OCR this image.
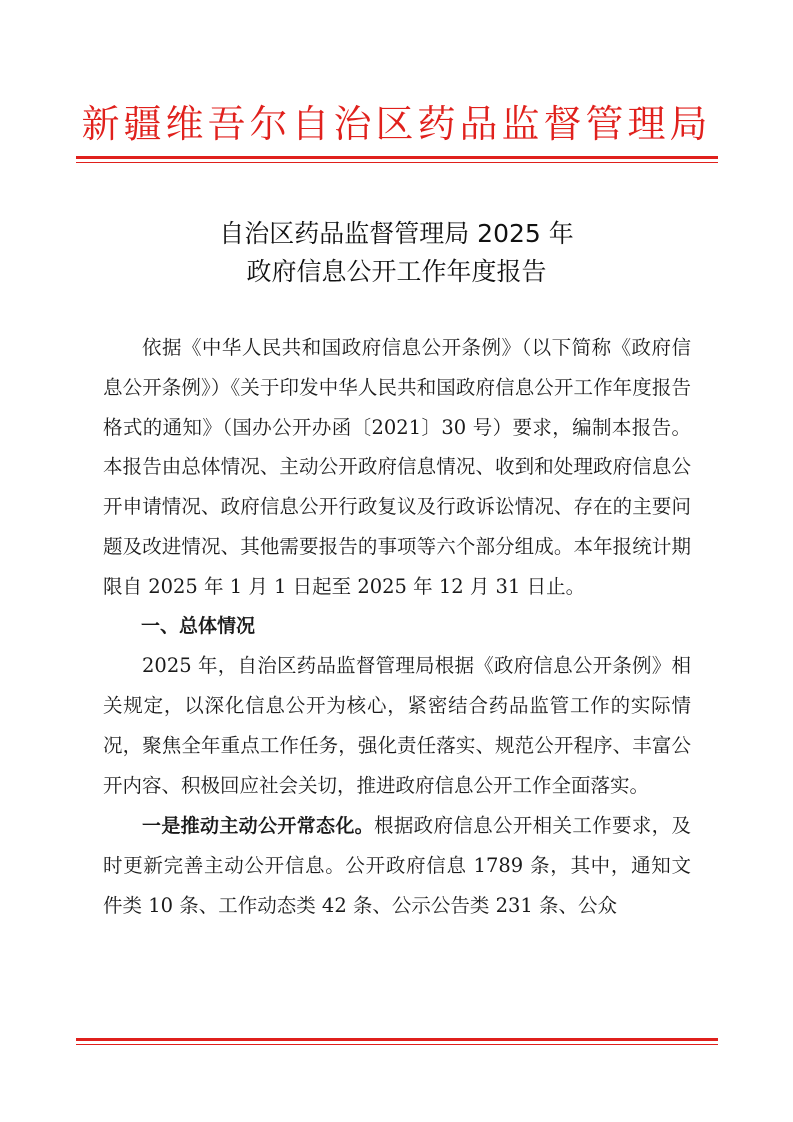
新疆维吾尔自治区药品监督管理局
自治区药品监督管理局 2025 年
政府信息公开工作年度报告

依据《中华人民共和国政府信息公开条例》（以下简称《政府信息公开条例》）《关于印发中华人民共和国政府信息公开工作年度报告格式的通知》（国办公开办函〔2021〕30 号）要求，编制本报告。本报告由总体情况、主动公开政府信息情况、收到和处理政府信息公开申请情况、政府信息公开行政复议及行政诉讼情况、存在的主要问题及改进情况、其他需要报告的事项等六个部分组成。本年报统计期限自 2025 年 1 月 1 日起至 2025 年 12 月 31 日止。

一、总体情况

2025 年，自治区药品监督管理局根据《政府信息公开条例》相关规定，以深化信息公开为核心，紧密结合药品监管工作的实际情况，聚焦全年重点工作任务，强化责任落实、规范公开程序、丰富公开内容、积极回应社会关切，推进政府信息公开工作全面落实。

一是推动主动公开常态化。根据政府信息公开相关工作要求，及时更新完善主动公开信息。公开政府信息 1789 条，其中，通知文件类 10 条、工作动态类 42 条、公示公告类 231 条、公众
